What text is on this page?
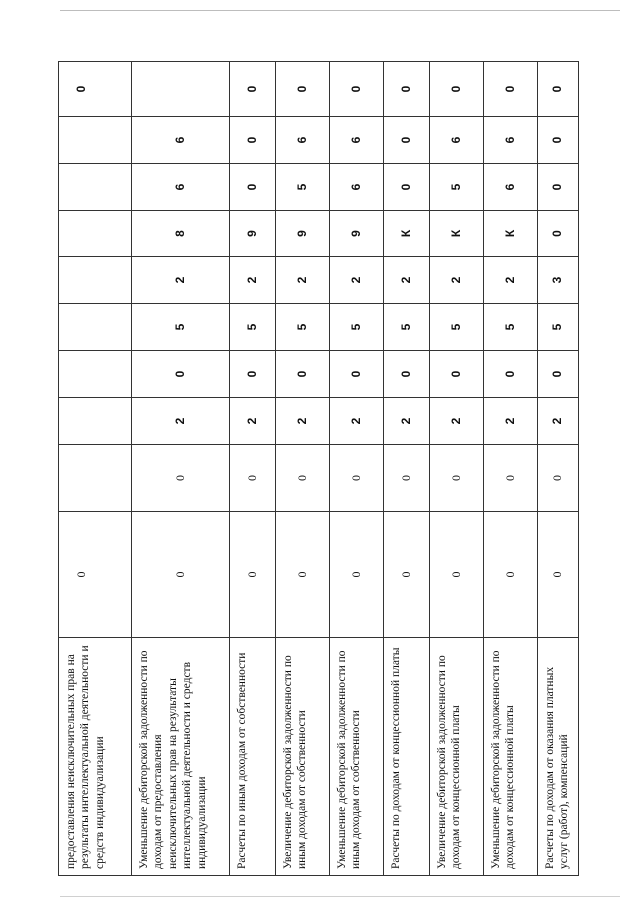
предоставления неисключительных прав на результаты интеллектуальной деятельности и средств индивидуализации	0									0
Уменьшение дебиторской задолженности по доходам от предоставления неисключительных прав на результаты интеллектуальной деятельности и средств индивидуализации	0	0	2	0	5	2	8	6	6	
Расчеты по иным доходам от собственности	0	0	2	0	5	2	9	0	0	0
Увеличение дебиторской задолженности по иным доходам от собственности	0	0	2	0	5	2	9	5	6	0
Уменьшение дебиторской задолженности по иным доходам от собственности	0	0	2	0	5	2	9	6	6	0
Расчеты по доходам от концессионной платы	0	0	2	0	5	2	К	0	0	0
Увеличение дебиторской задолженности по доходам от концессионной платы	0	0	2	0	5	2	К	5	6	0
Уменьшение дебиторской задолженности по доходам от концессионной платы	0	0	2	0	5	2	К	6	6	0
Расчеты по доходам от оказания платных услуг (работ), компенсаций	0	0	2	0	5	3	0	0	0	0
